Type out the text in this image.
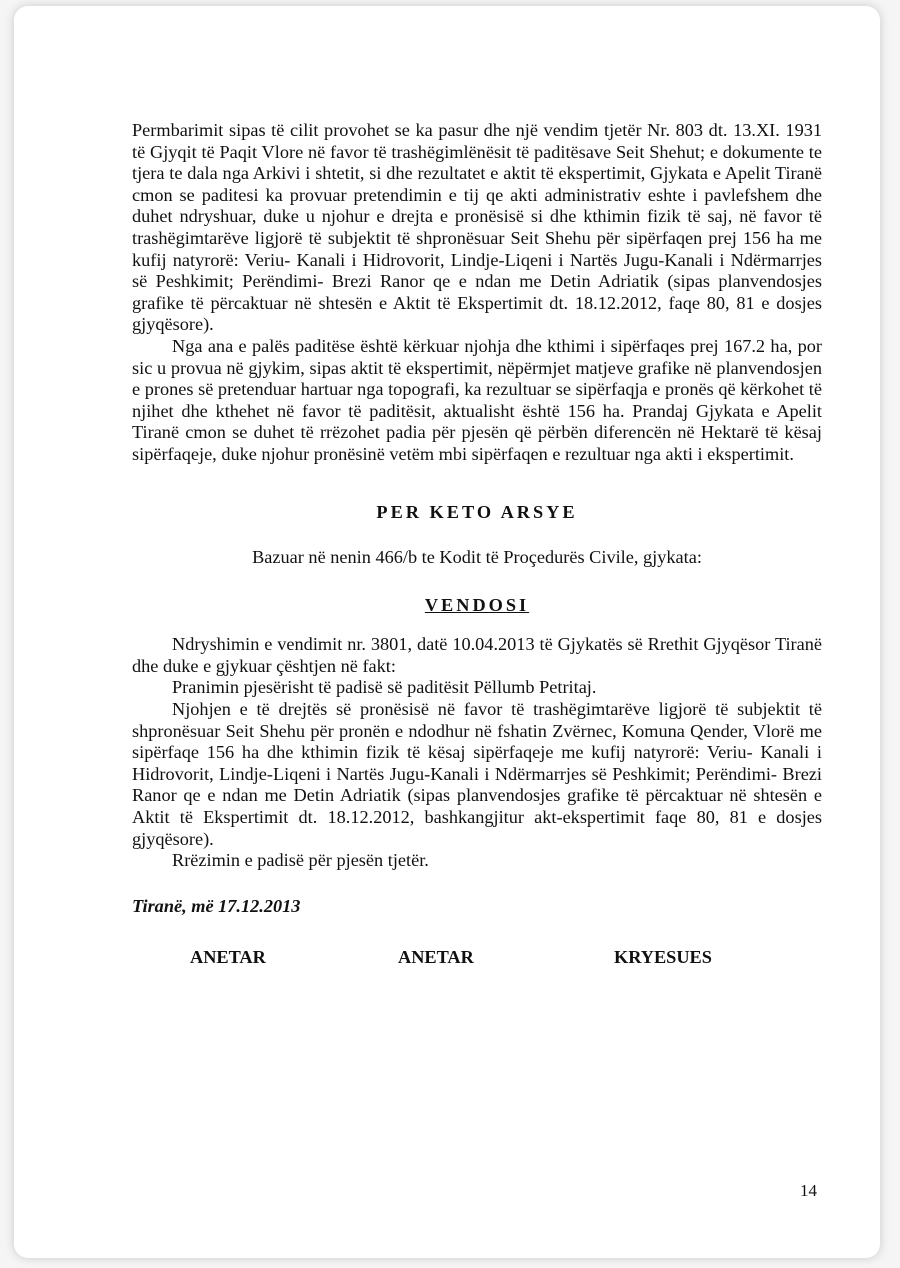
Permbarimit sipas të cilit provohet se ka pasur dhe një vendim tjetër Nr. 803 dt. 13.XI. 1931 të Gjyqit të Paqit Vlore në favor të trashëgimlënësit të paditësave Seit Shehut; e dokumente te tjera te dala nga Arkivi i shtetit, si dhe rezultatet e aktit të ekspertimit, Gjykata e Apelit Tiranë cmon se paditesi ka provuar pretendimin e tij qe akti administrativ eshte i pavlefshem dhe duhet ndryshuar, duke u njohur e drejta e pronësisë si dhe kthimin fizik të saj, në favor të trashëgimtarëve ligjorë të subjektit të shpronësuar Seit Shehu për sipërfaqen prej 156 ha me kufij natyrorë: Veriu- Kanali i Hidrovorit, Lindje-Liqeni i Nartës Jugu-Kanali i Ndërmarrjes së Peshkimit; Perëndimi- Brezi Ranor qe e ndan me Detin Adriatik (sipas planvendosjes grafike të përcaktuar në shtesën e Aktit të Ekspertimit dt. 18.12.2012, faqe 80, 81 e dosjes gjyqësore).

Nga ana e palës paditëse është kërkuar njohja dhe kthimi i sipërfaqes prej 167.2 ha, por sic u provua në gjykim, sipas aktit të ekspertimit, nëpërmjet matjeve grafike në planvendosjen e prones së pretenduar hartuar nga topografi, ka rezultuar se sipërfaqja e pronës që kërkohet të njihet dhe kthehet në favor të paditësit, aktualisht është 156 ha. Prandaj Gjykata e Apelit Tiranë cmon se duhet të rrëzohet padia për pjesën që përbën diferencën në Hektarë të kësaj sipërfaqeje, duke njohur pronësinë vetëm mbi sipërfaqen e rezultuar nga akti i ekspertimit.

PER KETO ARSYE

Bazuar në nenin 466/b te Kodit të Proçedurës Civile, gjykata:

VENDOSI

Ndryshimin e vendimit nr. 3801, datë 10.04.2013 të Gjykatës së Rrethit Gjyqësor Tiranë dhe duke e gjykuar çështjen në fakt:

Pranimin pjesërisht të padisë së paditësit Pëllumb Petritaj.

Njohjen e të drejtës së pronësisë në favor të trashëgimtarëve ligjorë të subjektit të shpronësuar Seit Shehu për pronën e ndodhur në fshatin Zvërnec, Komuna Qender, Vlorë me sipërfaqe 156 ha dhe kthimin fizik të kësaj sipërfaqeje me kufij natyrorë: Veriu- Kanali i Hidrovorit, Lindje-Liqeni i Nartës Jugu-Kanali i Ndërmarrjes së Peshkimit; Perëndimi- Brezi Ranor qe e ndan me Detin Adriatik (sipas planvendosjes grafike të përcaktuar në shtesën e Aktit të Ekspertimit dt. 18.12.2012, bashkangjitur akt-ekspertimit faqe 80, 81 e dosjes gjyqësore).

Rrëzimin e padisë për pjesën tjetër.

Tiranë, më 17.12.2013

ANETAR	ANETAR	KRYESUES
14
